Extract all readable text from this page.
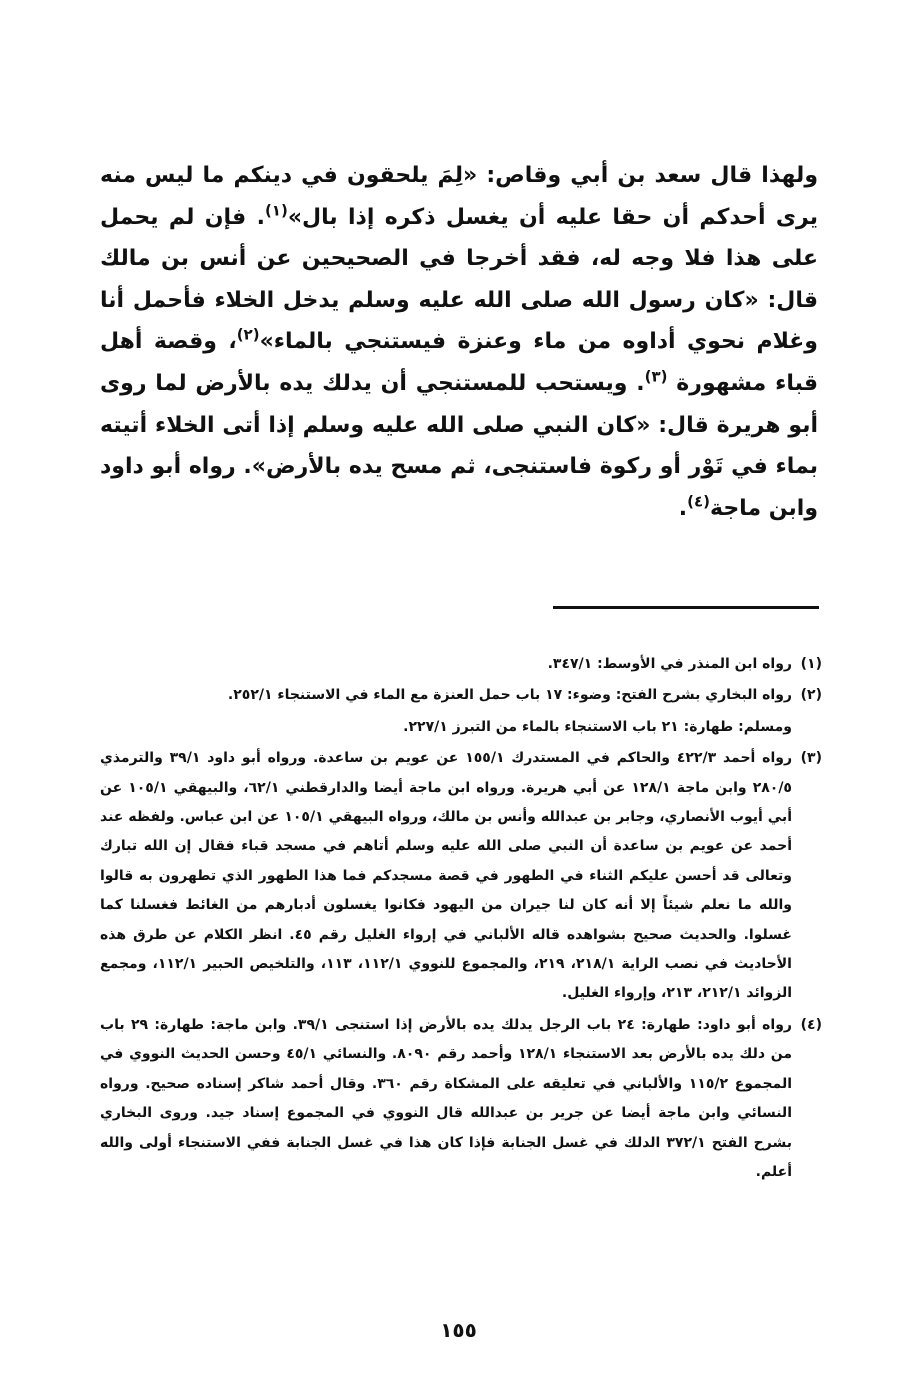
ولهذا قال سعد بن أبي وقاص: «لِمَ يلحقون في دينكم ما ليس منه يرى أحدكم أن حقا عليه أن يغسل ذكره إذا بال»$^{(١)}$. فإن لم يحمل على هذا فلا وجه له، فقد أخرجا في الصحيحين عن أنس بن مالك قال: «كان رسول الله صلى الله عليه وسلم يدخل الخلاء فأحمل أنا وغلام نحوي أداوه من ماء وعنزة فيستنجي بالماء»$^{(٢)}$، وقصة أهل قباء مشهورة $^{(٣)}$. ويستحب للمستنجي أن يدلك يده بالأرض لما روى أبو هريرة قال: «كان النبي صلى الله عليه وسلم إذا أتى الخلاء أتيته بماء في تَوْر أو ركوة فاستنجى، ثم مسح يده بالأرض». رواه أبو داود وابن ماجة$^{(٤)}$.

(١)
رواه ابن المنذر في الأوسط: ٣٤٧/١.
(٢)
رواه البخاري بشرح الفتح: وضوء: ١٧ باب حمل العنزة مع الماء في الاستنجاء ٢٥٢/١.
ومسلم: طهارة: ٢١ باب الاستنجاء بالماء من التبرز ٢٢٧/١.
(٣)
رواه أحمد ٤٢٢/٣ والحاكم في المستدرك ١٥٥/١ عن عويم بن ساعدة. ورواه أبو داود ٣٩/١ والترمذي ٢٨٠/٥ وابن ماجة ١٢٨/١ عن أبي هريرة. ورواه ابن ماجة أيضا والدارقطني ٦٢/١، والبيهقي ١٠٥/١ عن أبي أيوب الأنصاري، وجابر بن عبدالله وأنس بن مالك، ورواه البيهقي ١٠٥/١ عن ابن عباس. ولفظه عند أحمد عن عويم بن ساعدة أن النبي صلى الله عليه وسلم أتاهم في مسجد قباء فقال إن الله تبارك وتعالى قد أحسن عليكم الثناء في الطهور في قصة مسجدكم فما هذا الطهور الذي تطهرون به قالوا والله ما نعلم شيئاً إلا أنه كان لنا جيران من اليهود فكانوا يغسلون أدبارهم من الغائط فغسلنا كما غسلوا. والحديث صحيح بشواهده قاله الألباني في إرواء الغليل رقم ٤٥. انظر الكلام عن طرق هذه الأحاديث في نصب الراية ٢١٨/١، ٢١٩، والمجموع للنووي ١١٢/١، ١١٣، والتلخيص الحبير ١١٢/١، ومجمع الزوائد ٢١٢/١، ٢١٣، وإرواء الغليل.
(٤)
رواه أبو داود: طهارة: ٢٤ باب الرجل يدلك يده بالأرض إذا استنجى ٣٩/١. وابن ماجة: طهارة: ٢٩ باب من دلك يده بالأرض بعد الاستنجاء ١٢٨/١ وأحمد رقم ٨٠٩٠. والنسائي ٤٥/١ وحسن الحديث النووي في المجموع ١١٥/٢ والألباني في تعليقه على المشكاة رقم ٣٦٠. وقال أحمد شاكر إسناده صحيح. ورواه النسائي وابن ماجة أيضا عن جرير بن عبدالله قال النووي في المجموع إسناد جيد. وروى البخاري بشرح الفتح ٣٧٢/١ الدلك في غسل الجنابة فإذا كان هذا في غسل الجنابة ففي الاستنجاء أولى والله أعلم.
١٥٥
